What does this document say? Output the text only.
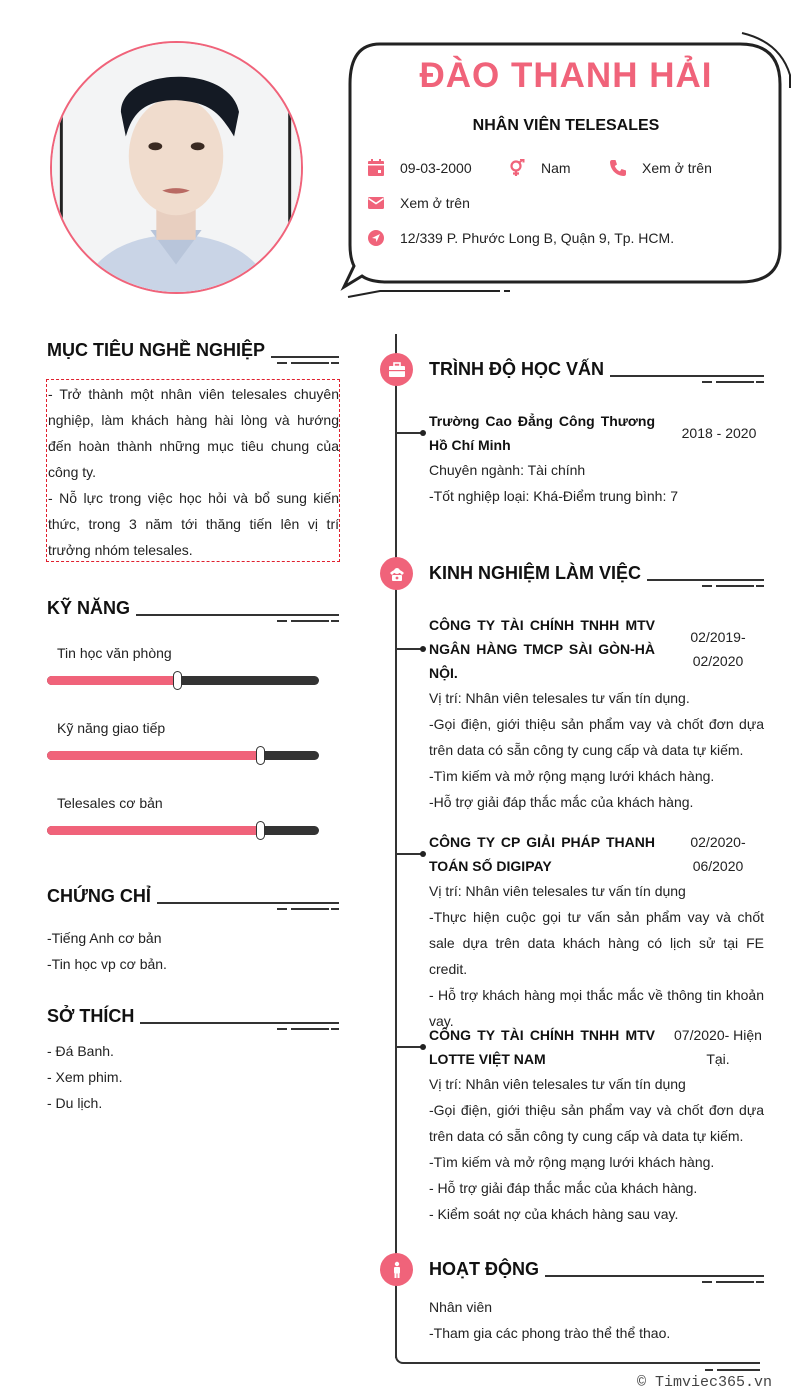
ĐÀO THANH HẢI
NHÂN VIÊN TELESALES
09-03-2000	Nam	Xem ở trên
Xem ở trên
12/339 P. Phước Long B, Quận 9, Tp. HCM.
MỤC TIÊU NGHỀ NGHIỆP
- Trở thành một nhân viên telesales chuyên nghiệp, làm khách hàng hài lòng và hướng đến hoàn thành những mục tiêu chung của công ty.
- Nỗ lực trong việc học hỏi và bổ sung kiến thức, trong 3 năm tới thăng tiến lên vị trí trưởng nhóm telesales.
KỸ NĂNG
Tin học văn phòng
Kỹ năng giao tiếp
Telesales cơ bản
CHỨNG CHỈ
-Tiếng Anh cơ bản
-Tin học vp cơ bản.
SỞ THÍCH
- Đá Banh.
- Xem phim.
- Du lịch.
TRÌNH ĐỘ HỌC VẤN
Trường Cao Đẳng Công Thương Hồ Chí Minh
2018 - 2020
Chuyên ngành: Tài chính
-Tốt nghiệp loại: Khá-Điểm trung bình: 7
KINH NGHIỆM LÀM VIỆC
CÔNG TY TÀI CHÍNH TNHH MTV NGÂN HÀNG TMCP SÀI GÒN-HÀ NỘI.
02/2019- 02/2020
Vị trí: Nhân viên telesales tư vấn tín dụng.
-Gọi điện, giới thiệu sản phẩm vay và chốt đơn dựa trên data có sẵn công ty cung cấp và data tự kiếm.
-Tìm kiếm và mở rộng mạng lưới khách hàng.
-Hỗ trợ giải đáp thắc mắc của khách hàng.
CÔNG TY CP GIẢI PHÁP THANH TOÁN SỐ DIGIPAY
02/2020- 06/2020
Vị trí: Nhân viên telesales tư vấn tín dụng
-Thực hiện cuộc gọi tư vấn sản phẩm vay và chốt sale dựa trên data khách hàng có lịch sử tại FE credit.
- Hỗ trợ khách hàng mọi thắc mắc về thông tin khoản vay.
CÔNG TY TÀI CHÍNH TNHH MTV LOTTE VIỆT NAM
07/2020- Hiện Tại.
Vị trí: Nhân viên telesales tư vấn tín dụng
-Gọi điện, giới thiệu sản phẩm vay và chốt đơn dựa trên data có sẵn công ty cung cấp và data tự kiếm.
-Tìm kiếm và mở rộng mạng lưới khách hàng.
- Hỗ trợ giải đáp thắc mắc của khách hàng.
- Kiểm soát nợ của khách hàng sau vay.
HOẠT ĐỘNG
Nhân viên
-Tham gia các phong trào thể thể thao.
© Timviec365.vn
